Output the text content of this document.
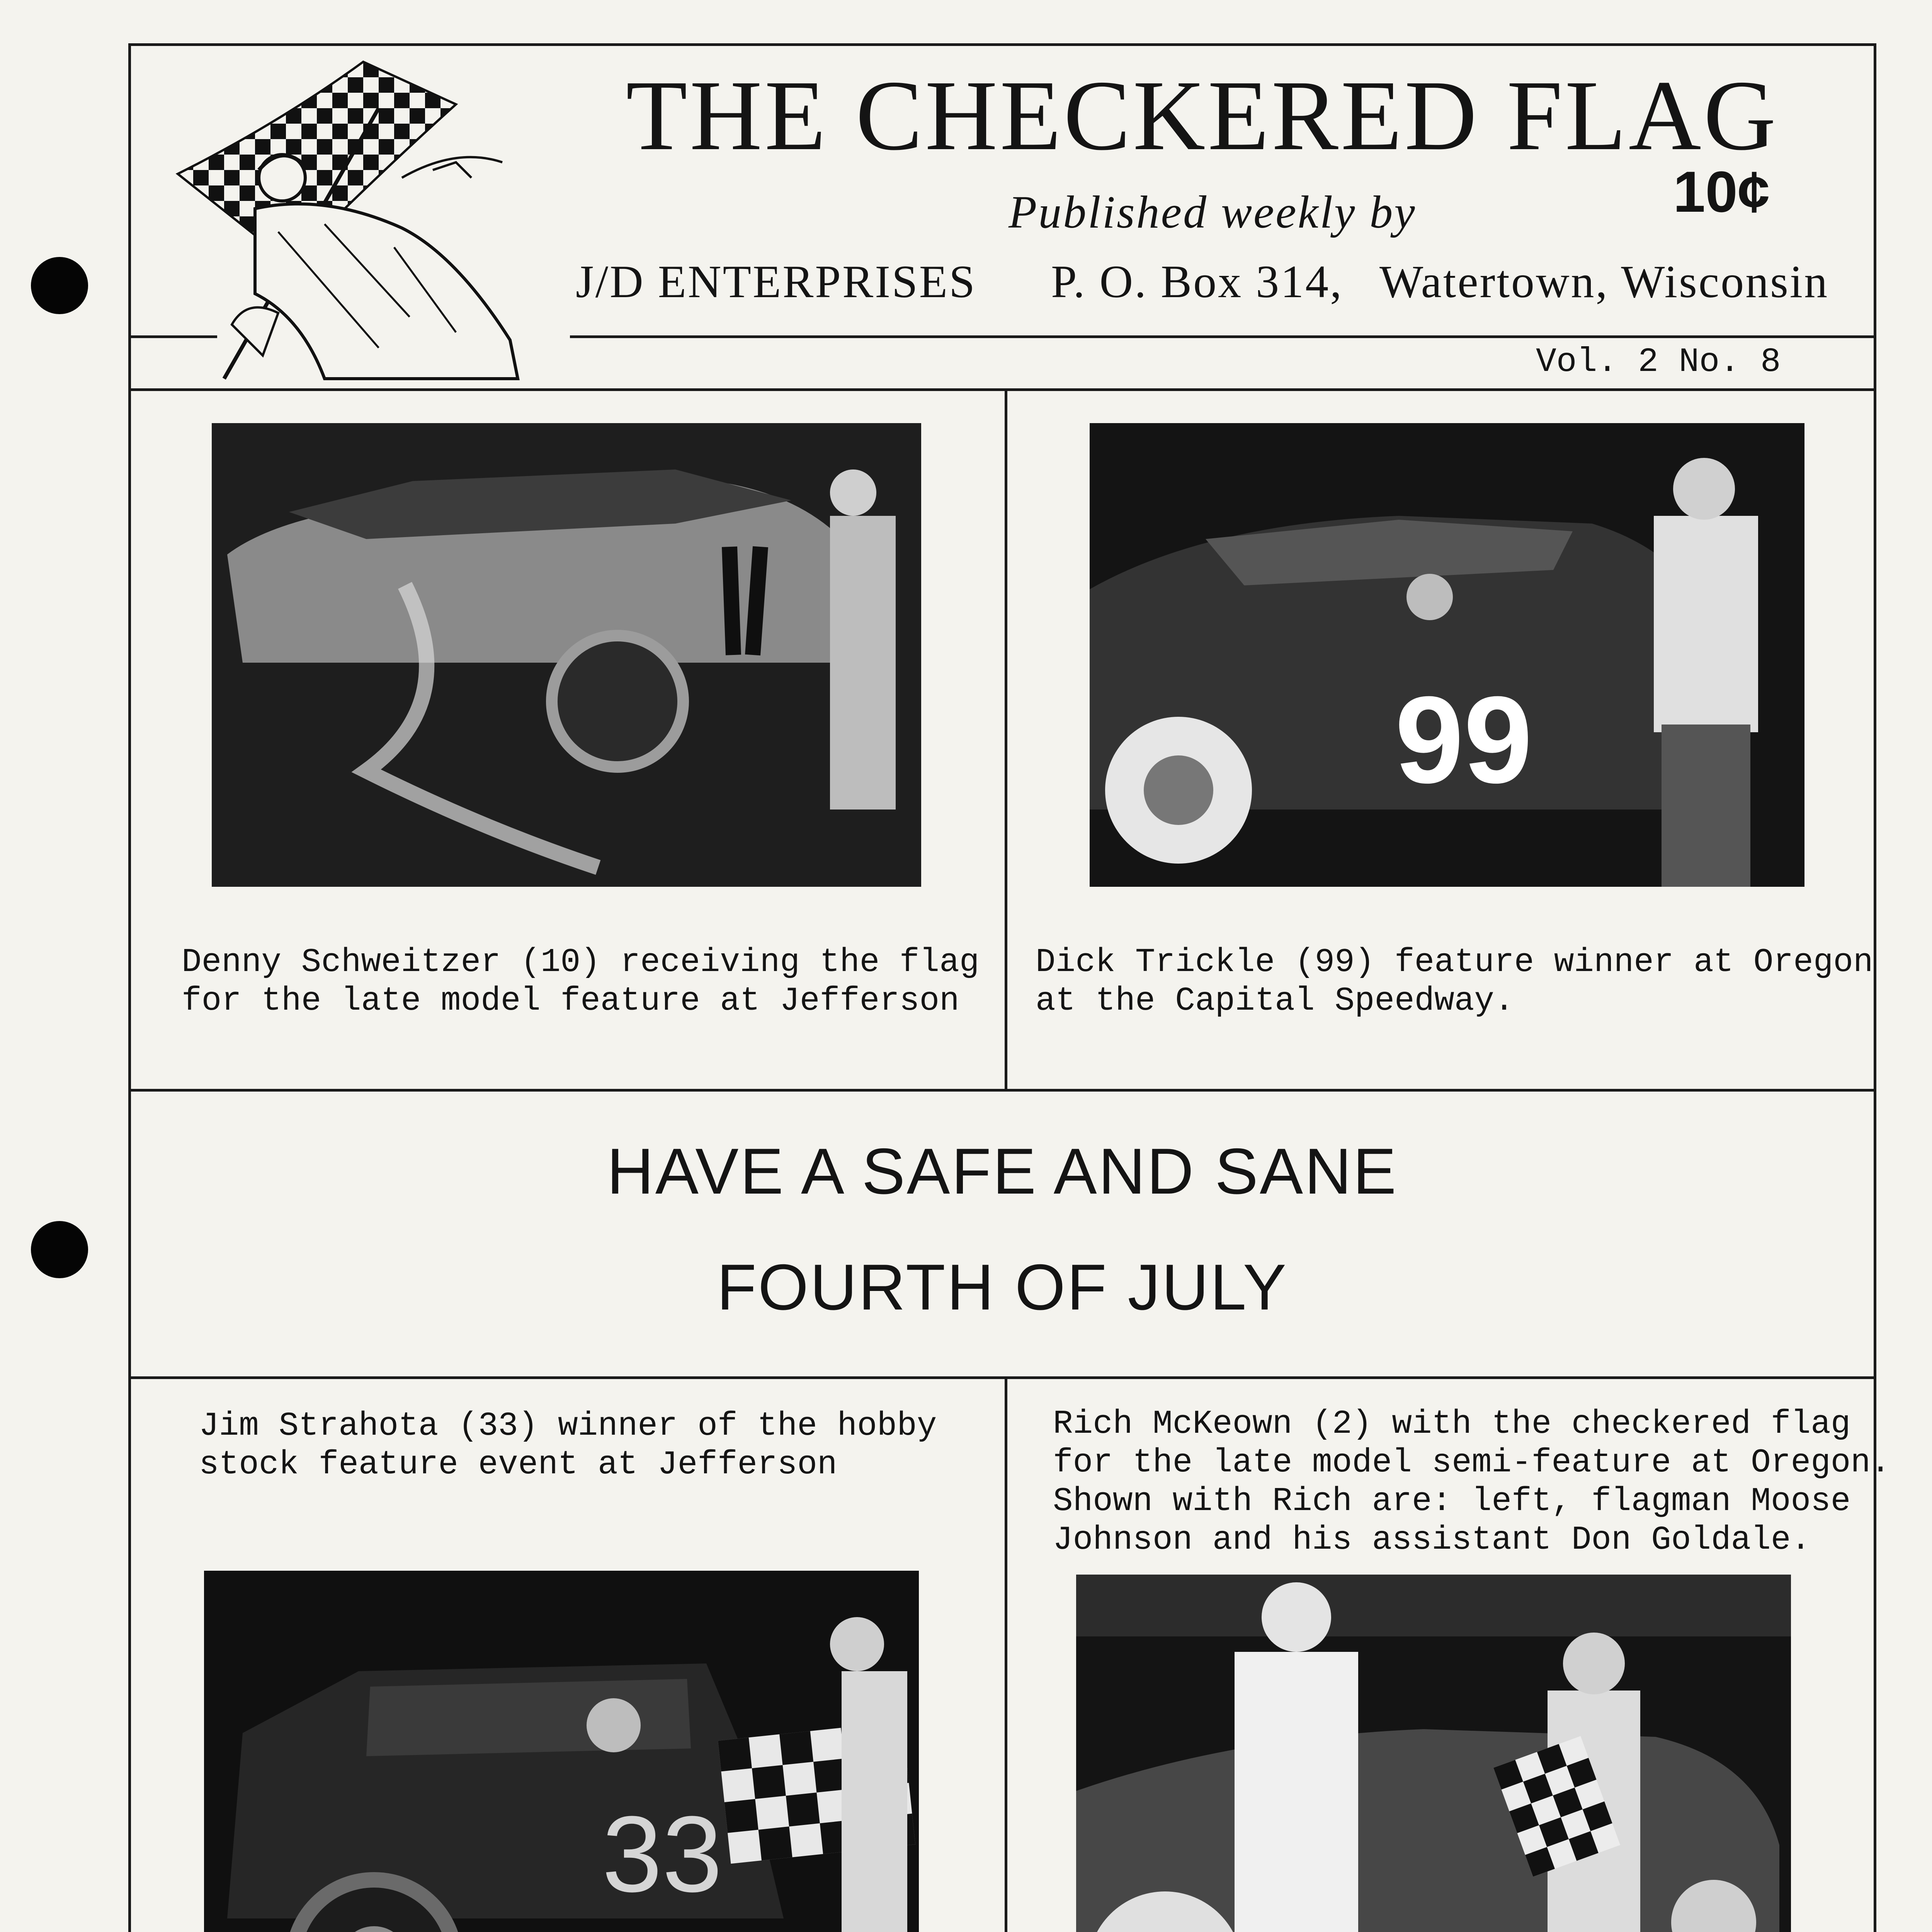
THE CHECKERED FLAG
10¢
Published weekly by
J/D ENTERPRISES P. O. Box 314, Watertown, Wisconsin
Vol. 2 No. 8
Denny Schweitzer (10) receiving the flag
for the late model feature at Jefferson
99
Dick Trickle (99) feature winner at Oregon
at the Capital Speedway.
HAVE A SAFE AND SANE
FOURTH OF JULY
Jim Strahota (33) winner of the hobby
stock feature event at Jefferson
33
Rich McKeown (2) with the checkered flag
for the late model semi-feature at Oregon.
Shown with Rich are: left, flagman Moose
Johnson and his assistant Don Goldale.
